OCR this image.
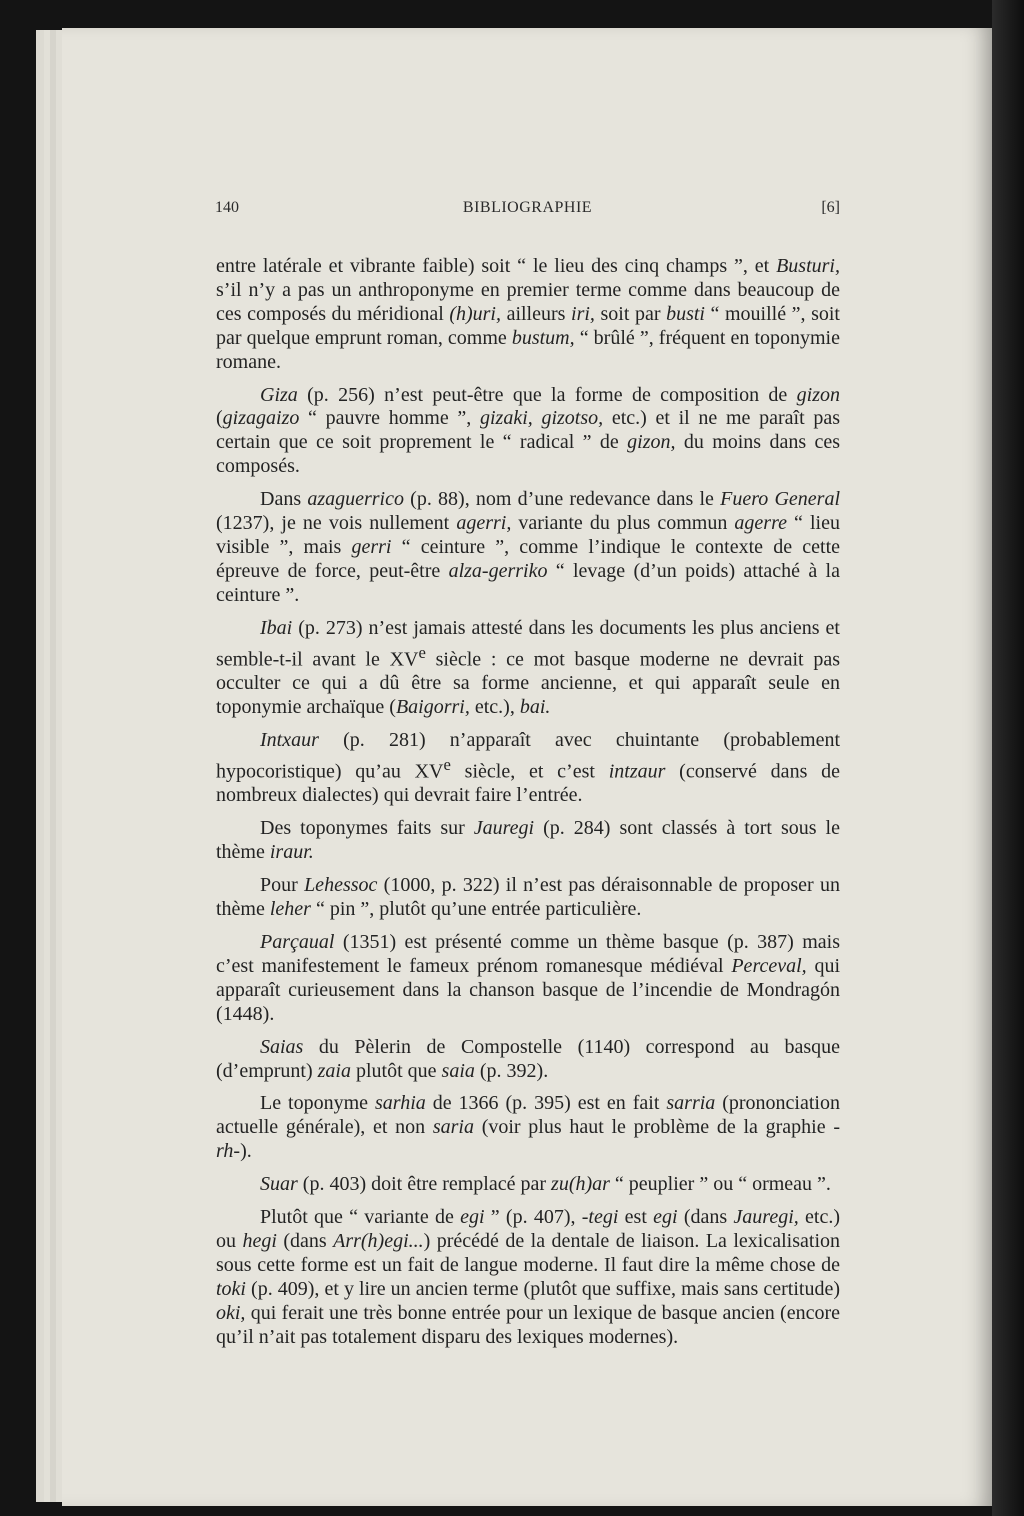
140	BIBLIOGRAPHIE	[6]

entre latérale et vibrante faible) soit “ le lieu des cinq champs ”, et Busturi, s’il n’y a pas un anthroponyme en premier terme comme dans beaucoup de ces composés du méridional (h)uri, ailleurs iri, soit par busti “ mouillé ”, soit par quelque emprunt roman, comme bustum, “ brûlé ”, fréquent en toponymie romane.

Giza (p. 256) n’est peut-être que la forme de composition de gizon (gizagaizo “ pauvre homme ”, gizaki, gizotso, etc.) et il ne me paraît pas certain que ce soit proprement le “ radical ” de gizon, du moins dans ces composés.

Dans azaguerrico (p. 88), nom d’une redevance dans le Fuero General (1237), je ne vois nullement agerri, variante du plus commun agerre “ lieu visible ”, mais gerri “ ceinture ”, comme l’indique le contexte de cette épreuve de force, peut-être alza-gerriko “ levage (d’un poids) attaché à la ceinture ”.

Ibai (p. 273) n’est jamais attesté dans les documents les plus anciens et semble-t-il avant le XVe siècle : ce mot basque moderne ne devrait pas occulter ce qui a dû être sa forme ancienne, et qui apparaît seule en toponymie archaïque (Baigorri, etc.), bai.

Intxaur (p. 281) n’apparaît avec chuintante (probablement hypocoristique) qu’au XVe siècle, et c’est intzaur (conservé dans de nombreux dialectes) qui devrait faire l’entrée.

Des toponymes faits sur Jauregi (p. 284) sont classés à tort sous le thème iraur.

Pour Lehessoc (1000, p. 322) il n’est pas déraisonnable de proposer un thème leher “ pin ”, plutôt qu’une entrée particulière.

Parçaual (1351) est présenté comme un thème basque (p. 387) mais c’est manifestement le fameux prénom romanesque médiéval Perceval, qui apparaît curieusement dans la chanson basque de l’incendie de Mondragón (1448).

Saias du Pèlerin de Compostelle (1140) correspond au basque (d’emprunt) zaia plutôt que saia (p. 392).

Le toponyme sarhia de 1366 (p. 395) est en fait sarria (prononciation actuelle générale), et non saria (voir plus haut le problème de la graphie -rh-).

Suar (p. 403) doit être remplacé par zu(h)ar “ peuplier ” ou “ ormeau ”.

Plutôt que “ variante de egi ” (p. 407), -tegi est egi (dans Jauregi, etc.) ou hegi (dans Arr(h)egi...) précédé de la dentale de liaison. La lexicalisation sous cette forme est un fait de langue moderne. Il faut dire la même chose de toki (p. 409), et y lire un ancien terme (plutôt que suffixe, mais sans certitude) oki, qui ferait une très bonne entrée pour un lexique de basque ancien (encore qu’il n’ait pas totalement disparu des lexiques modernes).
